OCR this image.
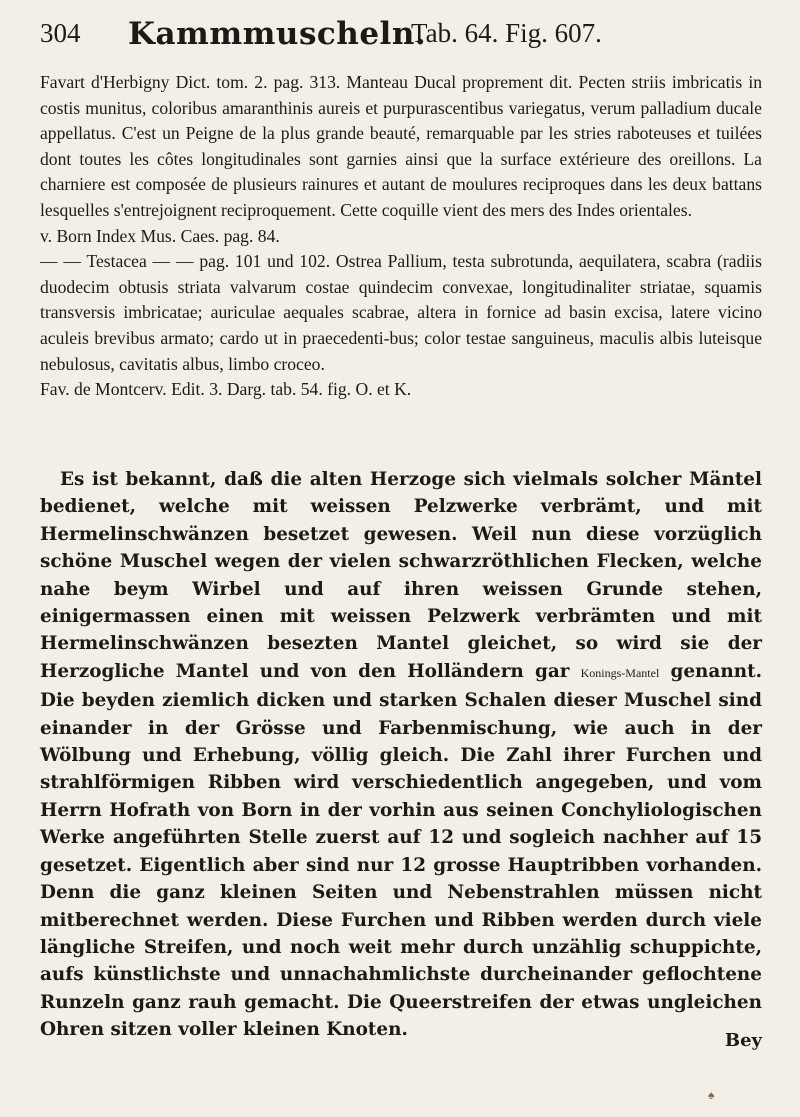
304 Kammmuscheln.
Tab. 64. Fig. 607.

Favart d'Herbigny Dict. tom. 2. pag. 313. Manteau Ducal proprement dit. Pecten striis imbricatis in costis munitus, coloribus amaranthinis aureis et purpurascentibus variegatus, verum palladium ducale appellatus. C'est un Peigne de la plus grande beauté, remarquable par les stries raboteuses et tuilées dont toutes les côtes longitudinales sont garnies ainsi que la surface extérieure des oreillons. La charniere est composée de plusieurs rainures et autant de moulures reciproques dans les deux battans lesquelles s'entrejoignent reciproquement. Cette coquille vient des mers des Indes orientales.

v. Born Index Mus. Caes. pag. 84.

— — Testacea — — pag. 101 und 102. Ostrea Pallium, testa subrotunda, aequilatera, scabra (radiis duodecim obtusis striata valvarum costae quindecim convexae, longitudinaliter striatae, squamis transversis imbricatae; auriculae aequales scabrae, altera in fornice ad basin excisa, latere vicino aculeis brevibus armato; cardo ut in praecedenti-bus; color testae sanguineus, maculis albis luteisque nebulosus, cavitatis albus, limbo croceo.

Fav. de Montcerv. Edit. 3. Darg. tab. 54. fig. O. et K.

Es ist bekannt, daß die alten Herzoge sich vielmals solcher Mäntel bedienet, welche mit weissen Pelzwerke verbrämt, und mit Hermelinschwänzen besetzet gewesen. Weil nun diese vorzüglich schöne Muschel wegen der vielen schwarzröthlichen Flecken, welche nahe beym Wirbel und auf ihren weissen Grunde stehen, einigermassen einen mit weissen Pelzwerk verbrämten und mit Hermelinschwänzen besezten Mantel gleichet, so wird sie der Herzogliche Mantel und von den Holländern gar Konings-Mantel genannt. Die beyden ziemlich dicken und starken Schalen dieser Muschel sind einander in der Grösse und Farbenmischung, wie auch in der Wölbung und Erhebung, völlig gleich. Die Zahl ihrer Furchen und strahlförmigen Ribben wird verschiedentlich angegeben, und vom Herrn Hofrath von Born in der vorhin aus seinen Conchyliologischen Werke angeführten Stelle zuerst auf 12 und sogleich nachher auf 15 gesetzet. Eigentlich aber sind nur 12 grosse Hauptribben vorhanden. Denn die ganz kleinen Seiten und Nebenstrahlen müssen nicht mitberechnet werden. Diese Furchen und Ribben werden durch viele längliche Streifen, und noch weit mehr durch unzählig schuppichte, aufs künstlichste und unnachahmlichste durcheinander geflochtene Runzeln ganz rauh gemacht. Die Queerstreifen der etwas ungleichen Ohren sitzen voller kleinen Knoten.

Bey
♠
